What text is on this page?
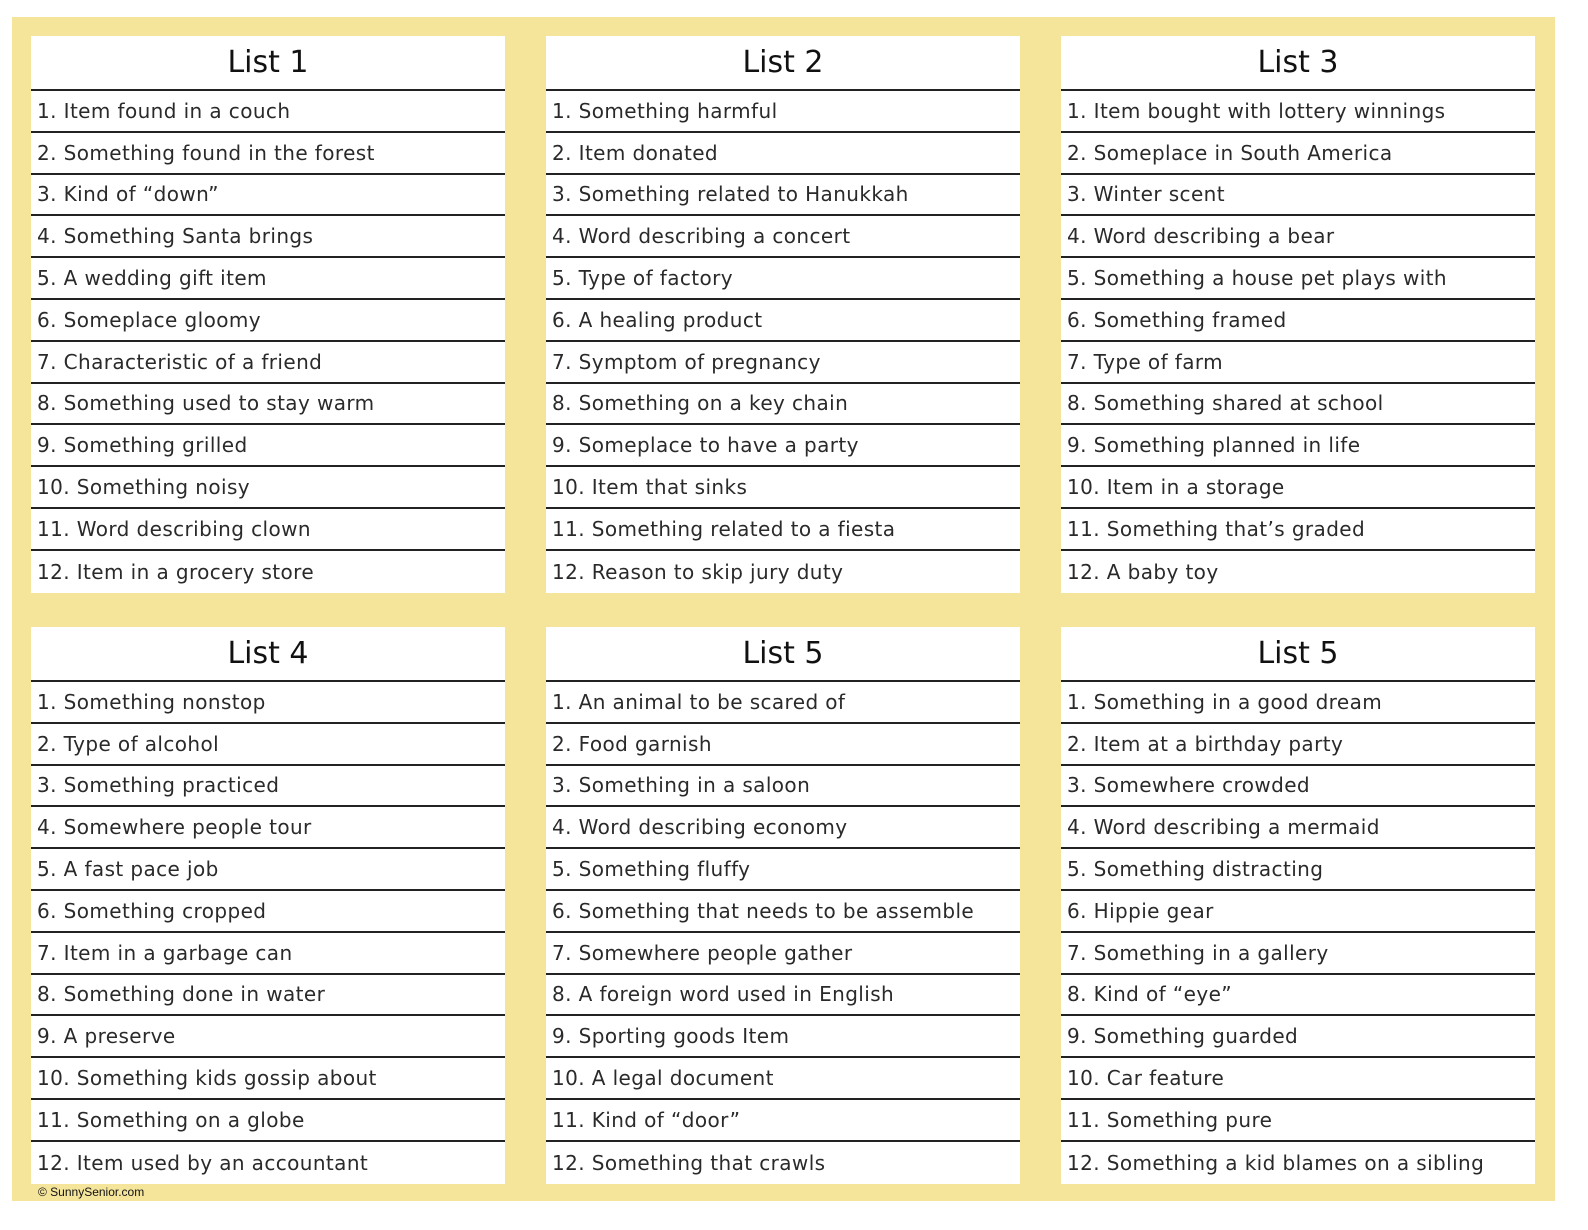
List 1
1. Item found in a couch
2. Something found in the forest
3. Kind of “down”
4. Something Santa brings
5. A wedding gift item
6. Someplace gloomy
7. Characteristic of a friend
8. Something used to stay warm
9. Something grilled
10. Something noisy
11. Word describing clown
12. Item in a grocery store
List 2
1. Something harmful
2. Item donated
3. Something related to Hanukkah
4. Word describing a concert
5. Type of factory
6. A healing product
7. Symptom of pregnancy
8. Something on a key chain
9. Someplace to have a party
10. Item that sinks
11. Something related to a fiesta
12. Reason to skip jury duty
List 3
1. Item bought with lottery winnings
2. Someplace in South America
3. Winter scent
4. Word describing a bear
5. Something a house pet plays with
6. Something framed
7. Type of farm
8. Something shared at school
9. Something planned in life
10. Item in a storage
11. Something that’s graded
12. A baby toy
List 4
1. Something nonstop
2. Type of alcohol
3. Something practiced
4. Somewhere people tour
5. A fast pace job
6. Something cropped
7. Item in a garbage can
8. Something done in water
9. A preserve
10. Something kids gossip about
11. Something on a globe
12. Item used by an accountant
List 5
1. An animal to be scared of
2. Food garnish
3. Something in a saloon
4. Word describing economy
5. Something fluffy
6. Something that needs to be assemble
7. Somewhere people gather
8. A foreign word used in English
9. Sporting goods Item
10. A legal document
11. Kind of “door”
12. Something that crawls
List 5
1. Something in a good dream
2. Item at a birthday party
3. Somewhere crowded
4. Word describing a mermaid
5. Something distracting
6. Hippie gear
7. Something in a gallery
8. Kind of “eye”
9. Something guarded
10. Car feature
11. Something pure
12. Something a kid blames on a sibling
© SunnySenior.com
